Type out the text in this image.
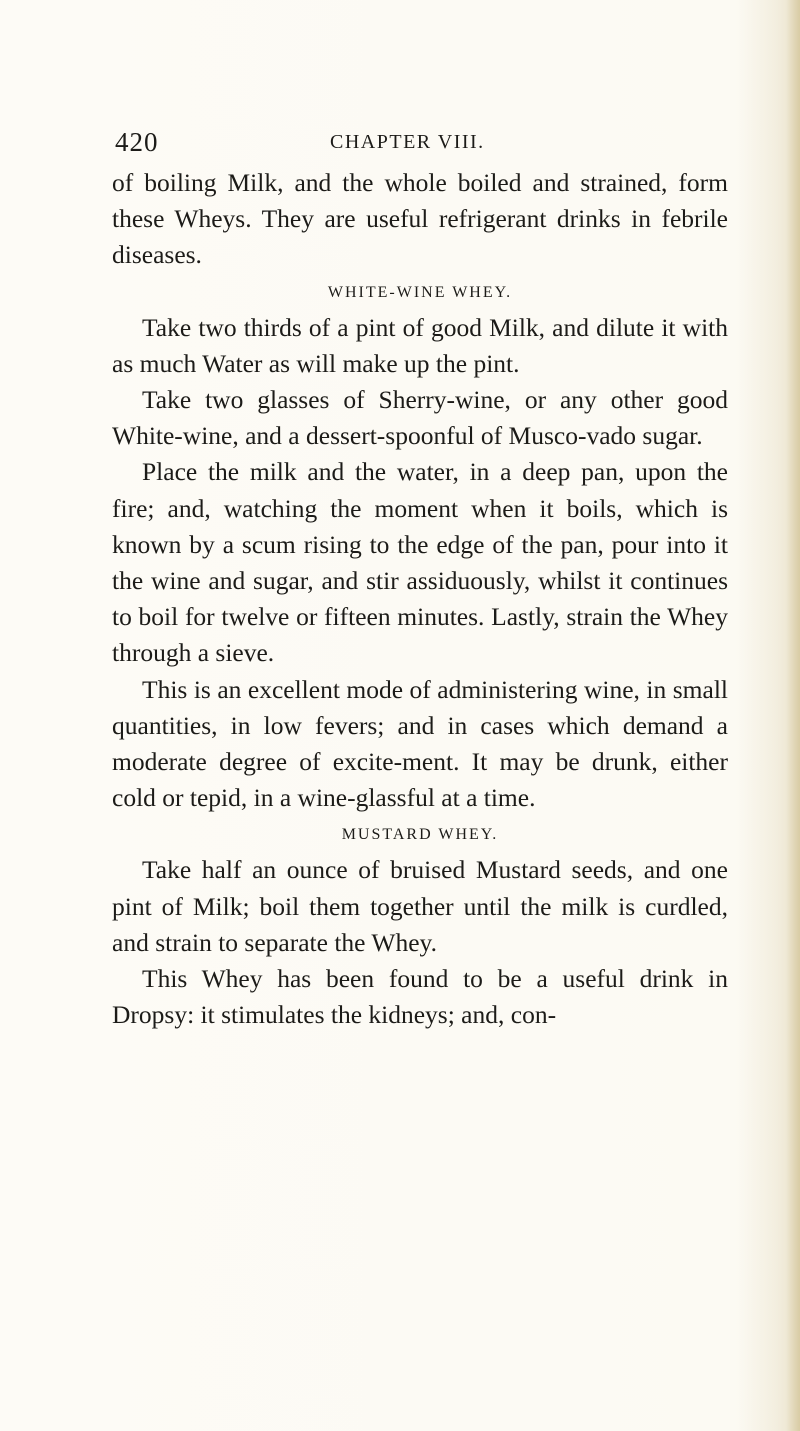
420	CHAPTER VIII.

of boiling Milk, and the whole boiled and strained, form these Wheys. They are useful refrigerant drinks in febrile diseases.

WHITE-WINE WHEY.

Take two thirds of a pint of good Milk, and dilute it with as much Water as will make up the pint.

Take two glasses of Sherry-wine, or any other good White-wine, and a dessert-spoonful of Musco-vado sugar.

Place the milk and the water, in a deep pan, upon the fire; and, watching the moment when it boils, which is known by a scum rising to the edge of the pan, pour into it the wine and sugar, and stir assiduously, whilst it continues to boil for twelve or fifteen minutes. Lastly, strain the Whey through a sieve.

This is an excellent mode of administering wine, in small quantities, in low fevers; and in cases which demand a moderate degree of excite-ment. It may be drunk, either cold or tepid, in a wine-glassful at a time.

MUSTARD WHEY.

Take half an ounce of bruised Mustard seeds, and one pint of Milk; boil them together until the milk is curdled, and strain to separate the Whey.

This Whey has been found to be a useful drink in Dropsy: it stimulates the kidneys; and, con-
